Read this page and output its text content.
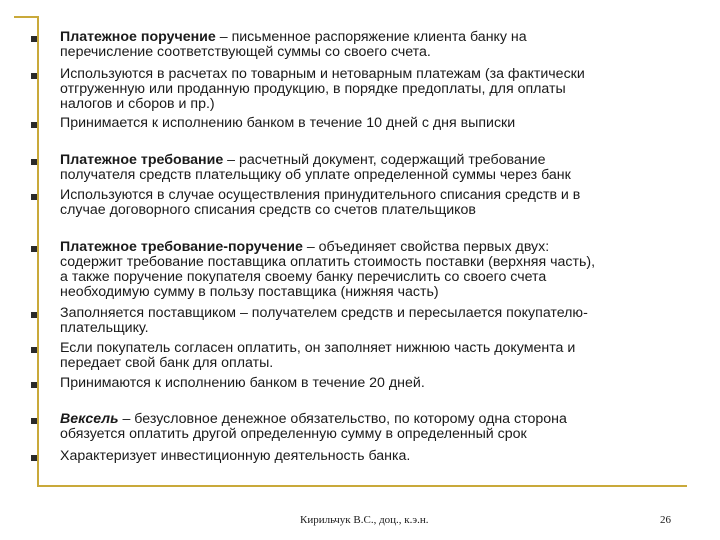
Платежное поручение – письменное распоряжение клиента банку на
перечисление соответствующей суммы со своего счета.
Используются в расчетах по товарным и нетоварным платежам (за фактически
отгруженную или проданную продукцию, в порядке предоплаты, для оплаты
налогов и сборов и пр.)
Принимается к исполнению банком в течение 10 дней с дня выписки
Платежное требование – расчетный документ, содержащий требование
получателя средств плательщику об уплате определенной суммы через банк
Используются в случае осуществления принудительного списания средств и в
случае договорного списания средств со счетов плательщиков
Платежное требование-поручение – объединяет свойства первых двух:
содержит требование поставщика оплатить стоимость поставки (верхняя часть),
а также поручение покупателя своему банку перечислить со своего счета
необходимую сумму в пользу поставщика (нижняя часть)
Заполняется поставщиком – получателем средств и пересылается покупателю-
плательщику.
Если покупатель согласен оплатить, он заполняет нижнюю часть документа и
передает свой банк для оплаты.
Принимаются к исполнению банком в течение 20 дней.
Вексель – безусловное денежное обязательство, по которому одна сторона
обязуется оплатить другой определенную сумму в определенный срок
Характеризует инвестиционную деятельность банка.
Кирильчук В.С., доц., к.э.н.	26
